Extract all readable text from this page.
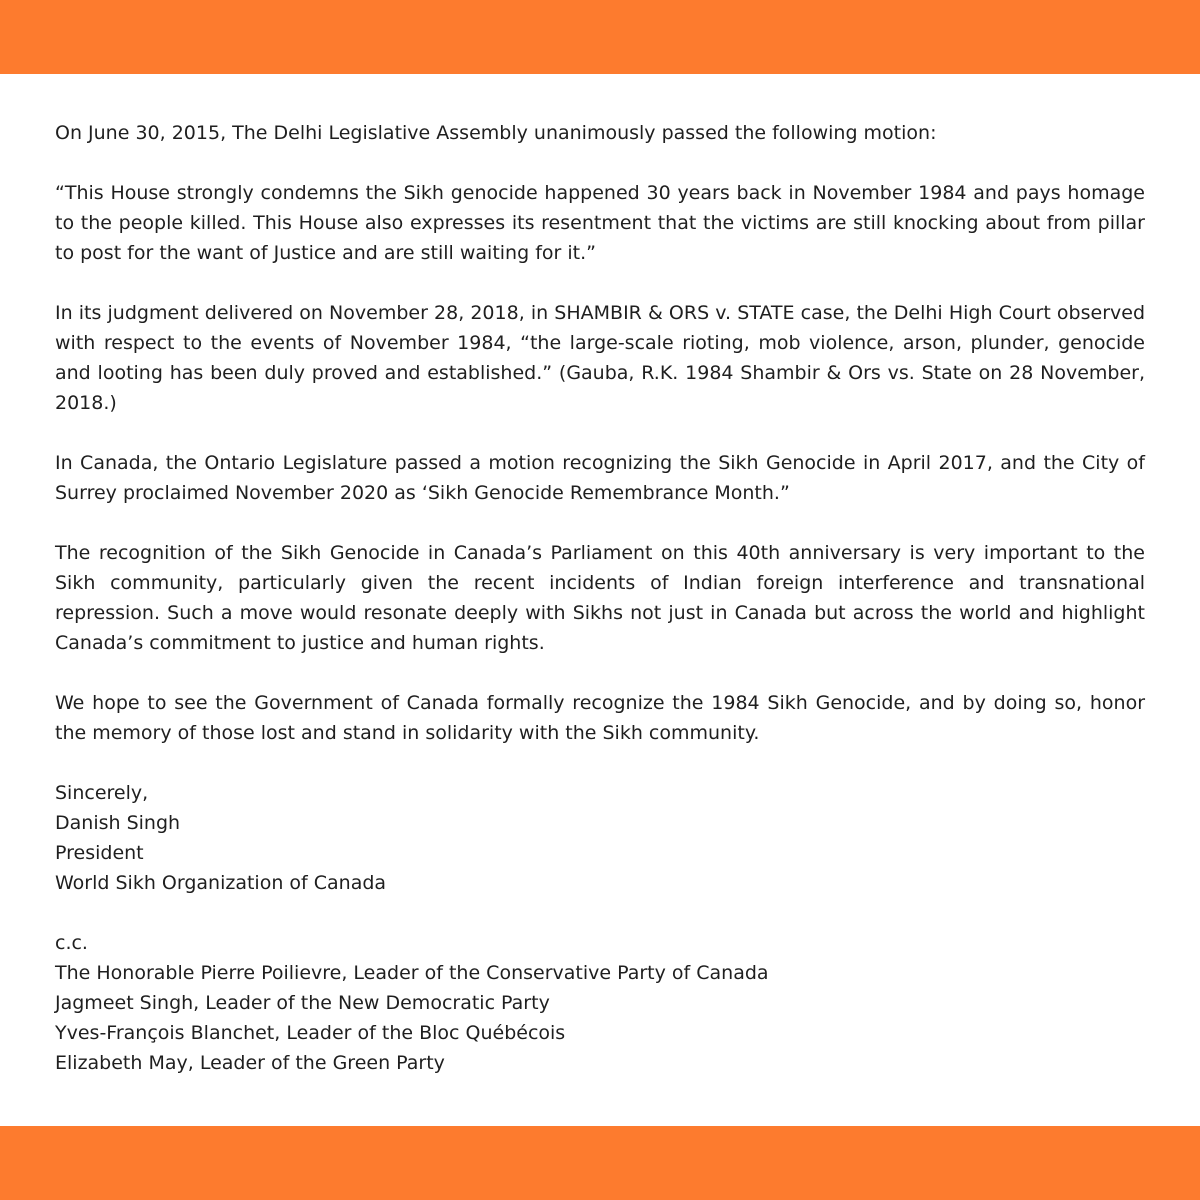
On June 30, 2015, The Delhi Legislative Assembly unanimously passed the following motion:

“This House strongly condemns the Sikh genocide happened 30 years back in November 1984 and pays homage to the people killed. This House also expresses its resentment that the victims are still knocking about from pillar to post for the want of Justice and are still waiting for it.”

In its judgment delivered on November 28, 2018, in SHAMBIR & ORS v. STATE case, the Delhi High Court observed with respect to the events of November 1984, “the large-scale rioting, mob violence, arson, plunder, genocide and looting has been duly proved and established.” (Gauba, R.K. 1984 Shambir & Ors vs. State on 28 November, 2018.)

In Canada, the Ontario Legislature passed a motion recognizing the Sikh Genocide in April 2017, and the City of Surrey proclaimed November 2020 as ‘Sikh Genocide Remembrance Month.”

The recognition of the Sikh Genocide in Canada’s Parliament on this 40th anniversary is very important to the Sikh community, particularly given the recent incidents of Indian foreign interference and transnational repression. Such a move would resonate deeply with Sikhs not just in Canada but across the world and highlight Canada’s commitment to justice and human rights.

We hope to see the Government of Canada formally recognize the 1984 Sikh Genocide, and by doing so, honor the memory of those lost and stand in solidarity with the Sikh community.

Sincerely,
Danish Singh
President
World Sikh Organization of Canada

c.c.
The Honorable Pierre Poilievre, Leader of the Conservative Party of Canada
Jagmeet Singh, Leader of the New Democratic Party
Yves-François Blanchet, Leader of the Bloc Québécois
Elizabeth May, Leader of the Green Party
